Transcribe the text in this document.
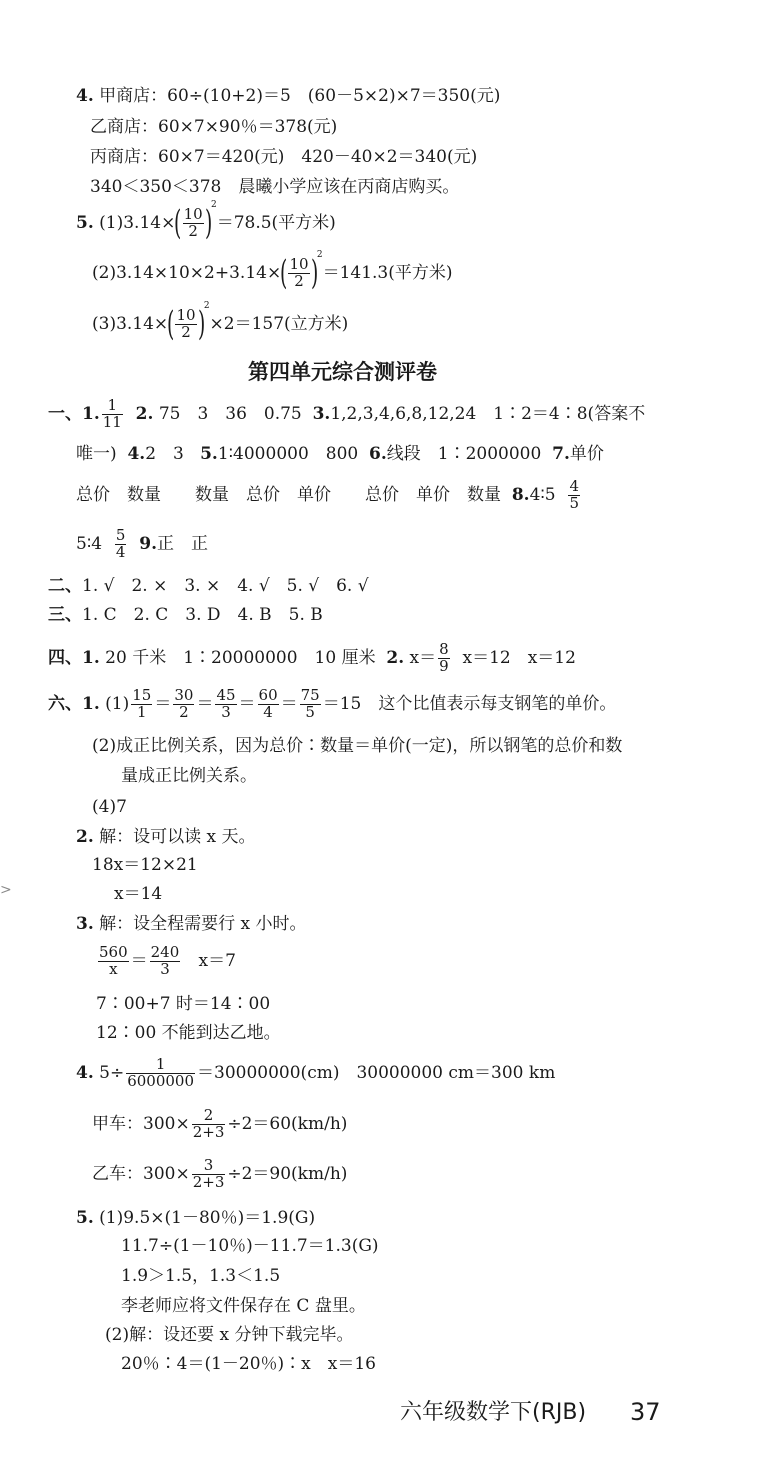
4. 甲商店：60÷(10+2)＝5　(60－5×2)×7＝350(元)
乙商店：60×7×90％＝378(元)
丙商店：60×7＝420(元)　420－40×2＝340(元)
340＜350＜378　晨曦小学应该在丙商店购买。
5. $(1)3.14\times( \frac{10}{2} )^2=78.5$(平方米)
$(2)3.14\times 10\times 2+3.14\times( \frac{10}{2} )^2=141.3$(平方米)
$(3)3.14\times( \frac{10}{2} )^2\times 2=157$(立方米)
第四单元综合测评卷
一、1. $\frac{1}{11} 2$. 75　3　36　0.75 3.1,2,3,4,6,8,12,24　1∶2＝4∶8(答案不
唯一) 4.2　3 5.1∶4000000　800 6.线段　1∶2000000 7.单价
总价　数量　　数量　总价　单价　　总价　单价　数量 8.4∶5 $\frac{4}{5}$
5∶4 $\frac{5}{4} 9$.正　正
二、1. √　2. ×　3. ×　4. √　5. √　6. √
三、1. C　2. C　3. D　4. B　5. B
四、1. 20 千米　1∶20000000　10 厘米 2. $x= \frac{8}{9} x=12$　x＝12
六、1. $(1) \frac{15}{1} = \frac{30}{2} = \frac{45}{3} = \frac{60}{4} = \frac{75}{5} =15$　这个比值表示每支钢笔的单价。
(2)成正比例关系，因为总价∶数量＝单价(一定)，所以钢笔的总价和数
量成正比例关系。
(4)7
2. 解：设可以读 x 天。
18x＝12×21
x＝14
3. 解：设全程需要行 x 小时。
$\frac{560}{x} = \frac{240}{3} x=7$
7∶00+7 时＝14∶00
12∶00 不能到达乙地。
4. $5\div \frac{1}{6000000} =30000000(cm)$　30000000 cm＝300 km
甲车：$300\times \frac{2}{2+3} \div 2=60(km/h)$
乙车：$300\times \frac{3}{2+3} \div 2=90(km/h)$
5. (1)9.5×(1－80％)＝1.9(G)
11.7÷(1－10％)－11.7＝1.3(G)
1.9＞1.5，1.3＜1.5
李老师应将文件保存在 C 盘里。
(2)解：设还要 x 分钟下载完毕。
20％∶4＝(1－20％)∶x　x＝16
六年级数学下(RJB) 37
>
